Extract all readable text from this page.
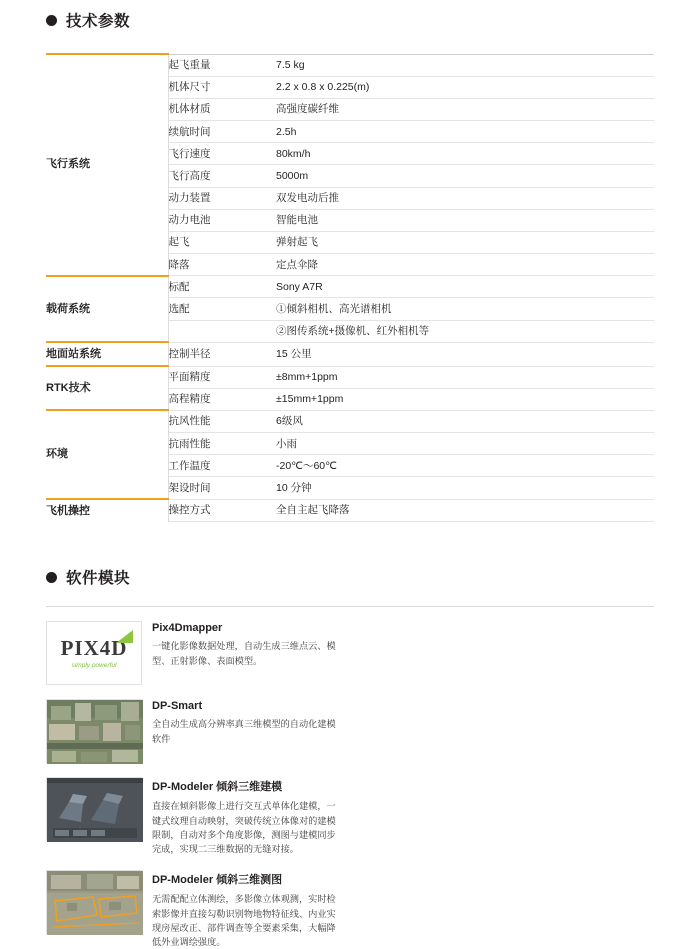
技术参数
飞行系统	起飞重量	7.5 kg
	机体尺寸	2.2 x 0.8 x 0.225(m)
	机体材质	高强度碳纤维
	续航时间	2.5h
	飞行速度	80km/h
	飞行高度	5000m
	动力装置	双发电动后推
	动力电池	智能电池
	起飞	弹射起飞
	降落	定点伞降
载荷系统	标配	Sony A7R
	选配	①倾斜相机、高光谱相机
		②图传系统+摄像机、红外相机等
地面站系统	控制半径	15 公里
RTK技术	平面精度	±8mm+1ppm
	高程精度	±15mm+1ppm
环境	抗风性能	6级风
	抗雨性能	小雨
	工作温度	-20℃～60℃
	架设时间	10 分钟
飞机操控	操控方式	全自主起飞降落
软件模块
PIX4D
simply powerful
Pix4Dmapper
一键化影像数据处理，自动生成三维点云、模型、正射影像、表面模型。
DP-Smart
全自动生成高分辨率真三维模型的自动化建模软件
DP-Modeler 倾斜三维建模
直接在倾斜影像上进行交互式单体化建模，一键式纹理自动映射，突破传统立体像对的建模限制，自动对多个角度影像，测图与建模同步完成，实现二三维数据的无缝对接。
DP-Modeler 倾斜三维测图
无需配配立体测绘，多影像立体观测，实时检索影像并直接勾勒识别物地物特征线、内业实现房屋改正、部件调查等全要素采集，大幅降低外业调绘强度。
